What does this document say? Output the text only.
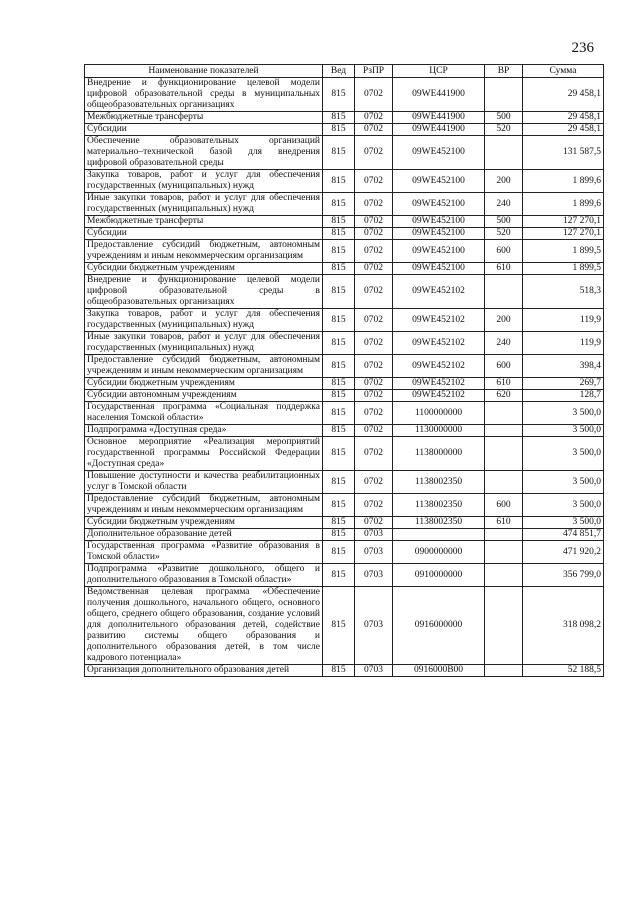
236
Наименование показателей	Вед	РзПР	ЦСР	ВР	Сумма
Внедрение и функционирование целевой модели цифровой образовательной среды в муниципальных общеобразовательных организациях	815	0702	09WE441900		29 458,1
Межбюджетные трансферты	815	0702	09WE441900	500	29 458,1
Субсидии	815	0702	09WE441900	520	29 458,1
Обеспечение образовательных организаций материально–технической базой для внедрения цифровой образовательной среды	815	0702	09WE452100		131 587,5
Закупка товаров, работ и услуг для обеспечения государственных (муниципальных) нужд	815	0702	09WE452100	200	1 899,6
Иные закупки товаров, работ и услуг для обеспечения государственных (муниципальных) нужд	815	0702	09WE452100	240	1 899,6
Межбюджетные трансферты	815	0702	09WE452100	500	127 270,1
Субсидии	815	0702	09WE452100	520	127 270,1
Предоставление субсидий бюджетным, автономным учреждениям и иным некоммерческим организациям	815	0702	09WE452100	600	1 899,5
Субсидии бюджетным учреждениям	815	0702	09WE452100	610	1 899,5
Внедрение и функционирование целевой модели цифровой образовательной среды в общеобразовательных организациях	815	0702	09WE452102		518,3
Закупка товаров, работ и услуг для обеспечения государственных (муниципальных) нужд	815	0702	09WE452102	200	119,9
Иные закупки товаров, работ и услуг для обеспечения государственных (муниципальных) нужд	815	0702	09WE452102	240	119,9
Предоставление субсидий бюджетным, автономным учреждениям и иным некоммерческим организациям	815	0702	09WE452102	600	398,4
Субсидии бюджетным учреждениям	815	0702	09WE452102	610	269,7
Субсидии автономным учреждениям	815	0702	09WE452102	620	128,7
Государственная программа «Социальная поддержка населения Томской области»	815	0702	1100000000		3 500,0
Подпрограмма «Доступная среда»	815	0702	1130000000		3 500,0
Основное мероприятие «Реализация мероприятий государственной программы Российской Федерации «Доступная среда»	815	0702	1138000000		3 500,0
Повышение доступности и качества реабилитационных услуг в Томской области	815	0702	1138002350		3 500,0
Предоставление субсидий бюджетным, автономным учреждениям и иным некоммерческим организациям	815	0702	1138002350	600	3 500,0
Субсидии бюджетным учреждениям	815	0702	1138002350	610	3 500,0
Дополнительное образование детей	815	0703			474 851,7
Государственная программа «Развитие образования в Томской области»	815	0703	0900000000		471 920,2
Подпрограмма «Развитие дошкольного, общего и дополнительного образования в Томской области»	815	0703	0910000000		356 799,0
Ведомственная целевая программа «Обеспечение получения дошкольного, начального общего, основного общего, среднего общего образования, создание условий для дополнительного образования детей, содействие развитию системы общего образования и дополнительного образования детей, в том числе кадрового потенциала»	815	0703	0916000000		318 098,2
Организация дополнительного образования детей	815	0703	0916000В00		52 188,5
